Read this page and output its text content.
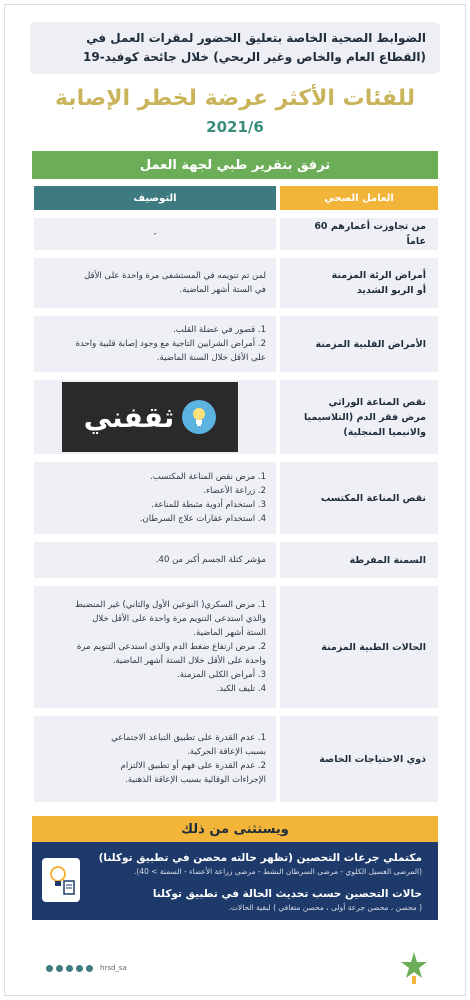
الضوابط الصحية الخاصة بتعليق الحضور لمقرات العمل في
(القطاع العام والخاص وغير الربحي) خلال جائحة كوفيد-19
للفئات الأكثر عرضة لخطر الإصابة
2021/6
ترفق بتقرير طبي لجهة العمل
العامل الصحي
التوصيف
-
من تجاوزت أعمارهم 60 عاماً
لمن تم تنويمه في المستشفى مرة واحدة على الأقل
في الستة أشهر الماضية.
أمراض الرئة المزمنة
أو الربو الشديد
1. قصور في عضلة القلب.
2. أمراض الشرايين التاجية مع وجود إصابة قلبية واحدة
على الأقل خلال السنة الماضية.
الأمراض القلبية المزمنة
نقص المناعة الوراثي
مرض فقر الدم (التلاسيميا
والانيميا المنجلية)
ثقفني
1. مرض نقص المناعة المكتسب.
2. زراعة الأعضاء.
3. استخدام أدوية مثبطة للمناعة.
4. استخدام عقارات علاج السرطان.
نقص المناعة المكتسب
مؤشر كتلة الجسم أكبر من 40.	السمنة المفرطة
1. مرض السكري( النوعين الأول والثاني) غير المنضبط
والذي استدعى التنويم مرة واحدة على الأقل خلال
الستة أشهر الماضية.
2. مرض ارتفاع ضغط الدم والذي استدعى التنويم مرة
واحدة على الأقل خلال الستة أشهر الماضية.
3. أمراض الكلى المزمنة.
4. تليف الكبد.
الحالات الطبية المزمنة
1. عدم القدرة على تطبيق التباعد الاجتماعي
بسبب الإعاقة الحركية.
2. عدم القدرة على فهم أو تطبيق الالتزام
الإجراءات الوقائية بسبب الإعاقة الذهنية.
ذوي الاحتياجات الخاصة
ويستثنى من ذلك
مكتملي جرعات التحصين (تظهر حالته محصن في تطبيق توكلنا)
(المرضى الغسيل الكلوي - مرضى السرطان النشط - مرضى زراعة الأعضاء - السمنة > 40).
حالات التحصين حسب تحديث الحالة في تطبيق توكلنا
( محصن ، محصن جرعة أولى ، محصن متعافي ) لبقية الحالات.
hrsd_sa
